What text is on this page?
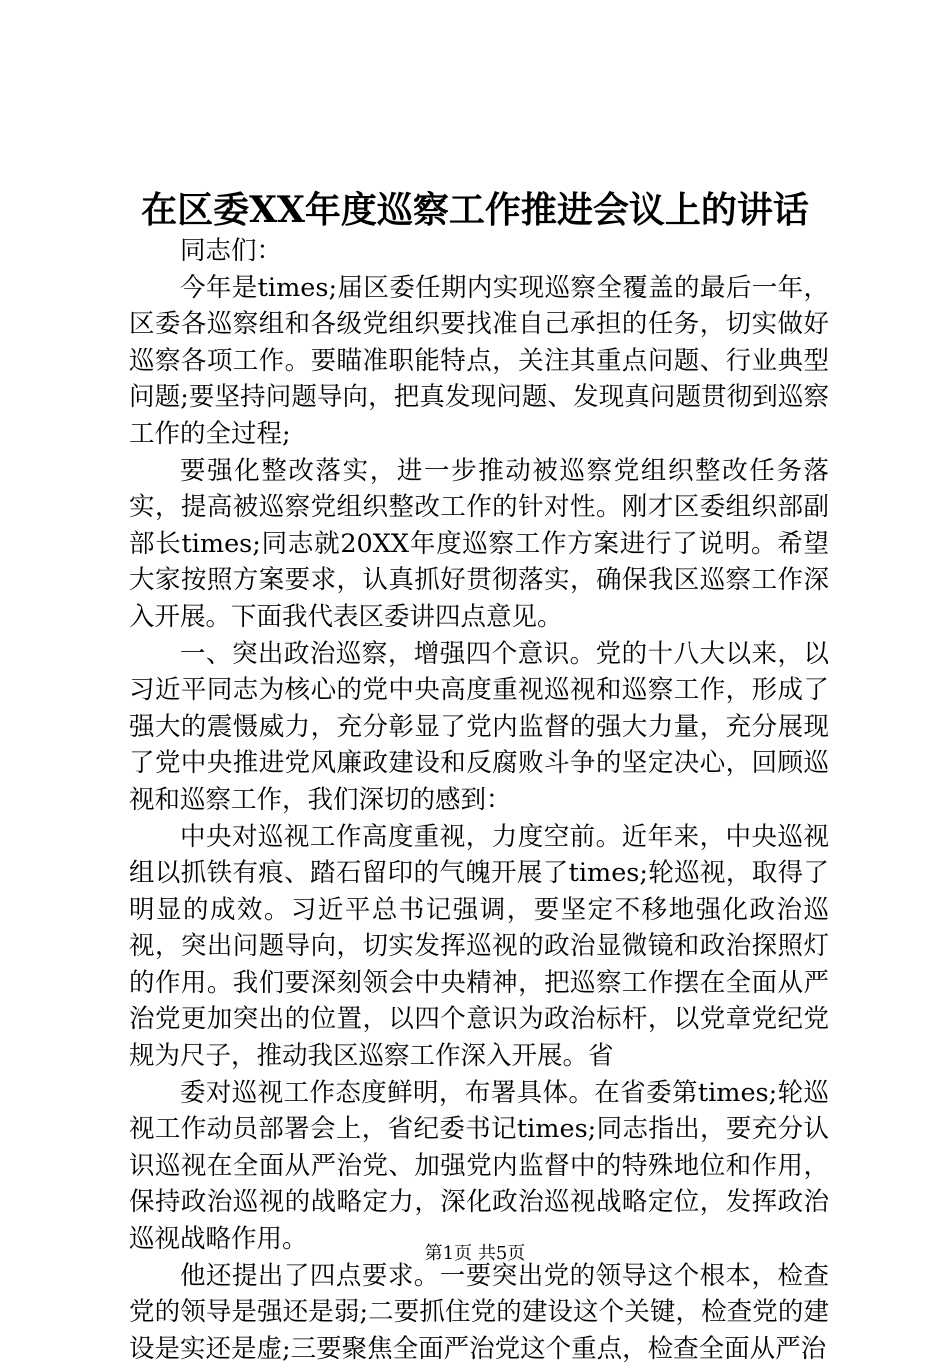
在区委XX年度巡察工作推进会议上的讲话

同志们：

今年是times;届区委任期内实现巡察全覆盖的最后一年，区委各巡察组和各级党组织要找准自己承担的任务，切实做好巡察各项工作。要瞄准职能特点，关注其重点问题、行业典型问题;要坚持问题导向，把真发现问题、发现真问题贯彻到巡察工作的全过程;

要强化整改落实，进一步推动被巡察党组织整改任务落实，提高被巡察党组织整改工作的针对性。刚才区委组织部副部长times;同志就20XX年度巡察工作方案进行了说明。希望大家按照方案要求，认真抓好贯彻落实，确保我区巡察工作深入开展。下面我代表区委讲四点意见。

一、突出政治巡察，增强四个意识。党的十八大以来，以习近平同志为核心的党中央高度重视巡视和巡察工作，形成了强大的震慑威力，充分彰显了党内监督的强大力量，充分展现了党中央推进党风廉政建设和反腐败斗争的坚定决心，回顾巡视和巡察工作，我们深切的感到：

中央对巡视工作高度重视，力度空前。近年来，中央巡视组以抓铁有痕、踏石留印的气魄开展了times;轮巡视，取得了明显的成效。习近平总书记强调，要坚定不移地强化政治巡视，突出问题导向，切实发挥巡视的政治显微镜和政治探照灯的作用。我们要深刻领会中央精神，把巡察工作摆在全面从严治党更加突出的位置，以四个意识为政治标杆，以党章党纪党规为尺子，推动我区巡察工作深入开展。省

委对巡视工作态度鲜明，布署具体。在省委第times;轮巡视工作动员部署会上，省纪委书记times;同志指出，要充分认识巡视在全面从严治党、加强党内监督中的特殊地位和作用，保持政治巡视的战略定力，深化政治巡视战略定位，发挥政治巡视战略作用。

他还提出了四点要求。一要突出党的领导这个根本，检查党的领导是强还是弱;二要抓住党的建设这个关键，检查党的建设是实还是虚;三要聚焦全面严治党这个重点，检查全面从严治

第1页 共5页
